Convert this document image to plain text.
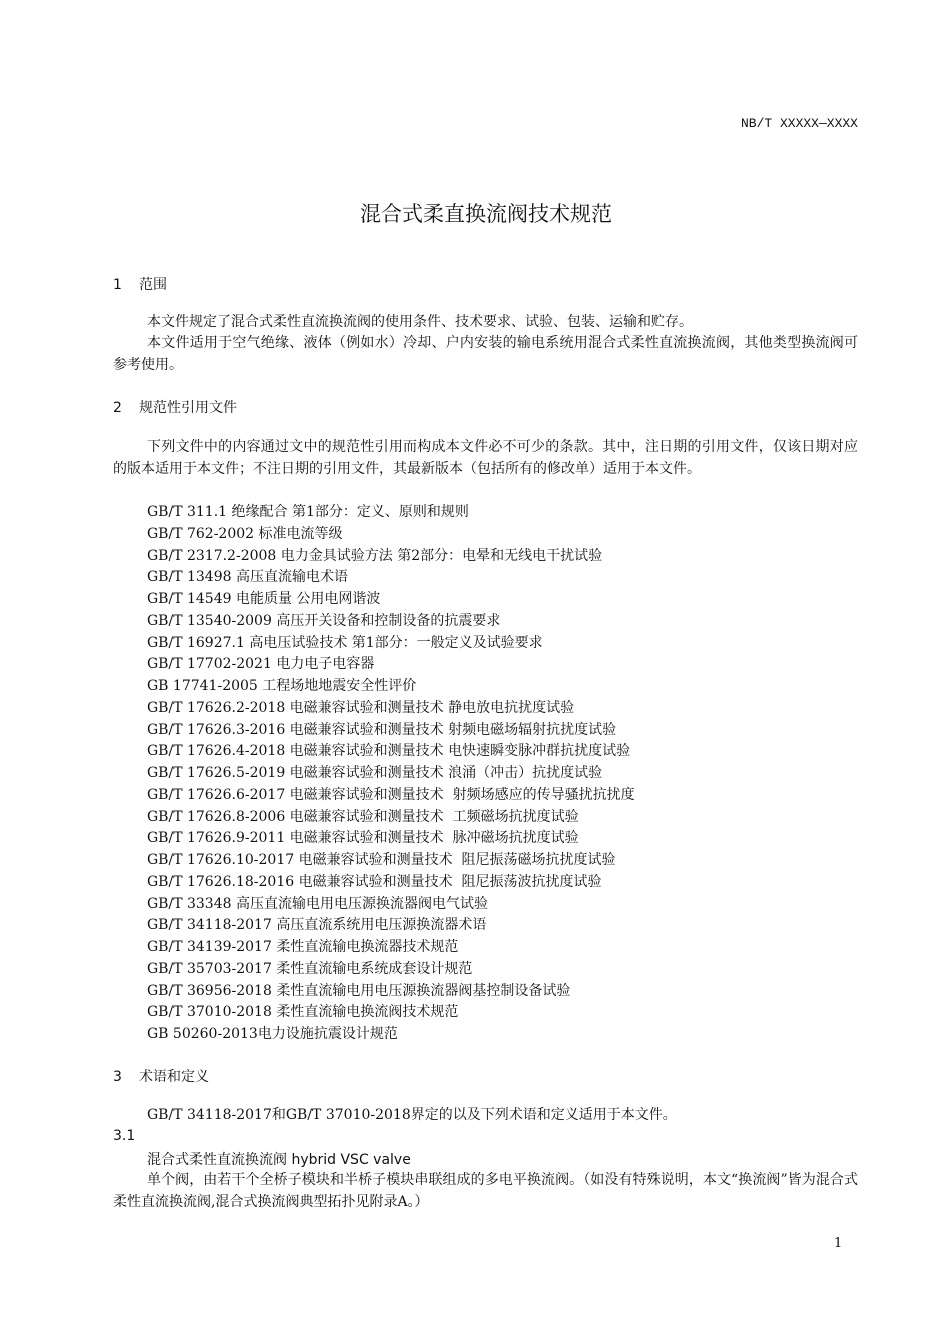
NB/T XXXXX—XXXX
混合式柔直换流阀技术规范
1 范围
本文件规定了混合式柔性直流换流阀的使用条件、技术要求、试验、包装、运输和贮存。
本文件适用于空气绝缘、液体（例如水）冷却、户内安装的输电系统用混合式柔性直流换流阀，其他类型换流阀可参考使用。
2 规范性引用文件
下列文件中的内容通过文中的规范性引用而构成本文件必不可少的条款。其中，注日期的引用文件，仅该日期对应的版本适用于本文件；不注日期的引用文件，其最新版本（包括所有的修改单）适用于本文件。
GB/T 311.1 绝缘配合 第1部分：定义、原则和规则
GB/T 762-2002 标准电流等级
GB/T 2317.2-2008 电力金具试验方法 第2部分：电晕和无线电干扰试验
GB/T 13498 高压直流输电术语
GB/T 14549 电能质量 公用电网谐波
GB/T 13540-2009 高压开关设备和控制设备的抗震要求
GB/T 16927.1 高电压试验技术 第1部分：一般定义及试验要求
GB/T 17702-2021 电力电子电容器
GB 17741-2005 工程场地地震安全性评价
GB/T 17626.2-2018 电磁兼容试验和测量技术 静电放电抗扰度试验
GB/T 17626.3-2016 电磁兼容试验和测量技术 射频电磁场辐射抗扰度试验
GB/T 17626.4-2018 电磁兼容试验和测量技术 电快速瞬变脉冲群抗扰度试验
GB/T 17626.5-2019 电磁兼容试验和测量技术 浪涌（冲击）抗扰度试验
GB/T 17626.6-2017 电磁兼容试验和测量技术  射频场感应的传导骚扰抗扰度
GB/T 17626.8-2006 电磁兼容试验和测量技术  工频磁场抗扰度试验
GB/T 17626.9-2011 电磁兼容试验和测量技术  脉冲磁场抗扰度试验
GB/T 17626.10-2017 电磁兼容试验和测量技术  阻尼振荡磁场抗扰度试验
GB/T 17626.18-2016 电磁兼容试验和测量技术  阻尼振荡波抗扰度试验
GB/T 33348 高压直流输电用电压源换流器阀电气试验
GB/T 34118-2017 高压直流系统用电压源换流器术语
GB/T 34139-2017 柔性直流输电换流器技术规范
GB/T 35703-2017 柔性直流输电系统成套设计规范
GB/T 36956-2018 柔性直流输电用电压源换流器阀基控制设备试验
GB/T 37010-2018 柔性直流输电换流阀技术规范
GB 50260-2013电力设施抗震设计规范
3 术语和定义
GB/T 34118-2017和GB/T 37010-2018界定的以及下列术语和定义适用于本文件。
3.1
混合式柔性直流换流阀 hybrid VSC valve
单个阀，由若干个全桥子模块和半桥子模块串联组成的多电平换流阀。（如没有特殊说明，本文“换流阀”皆为混合式柔性直流换流阀,混合式换流阀典型拓扑见附录A。）
1
